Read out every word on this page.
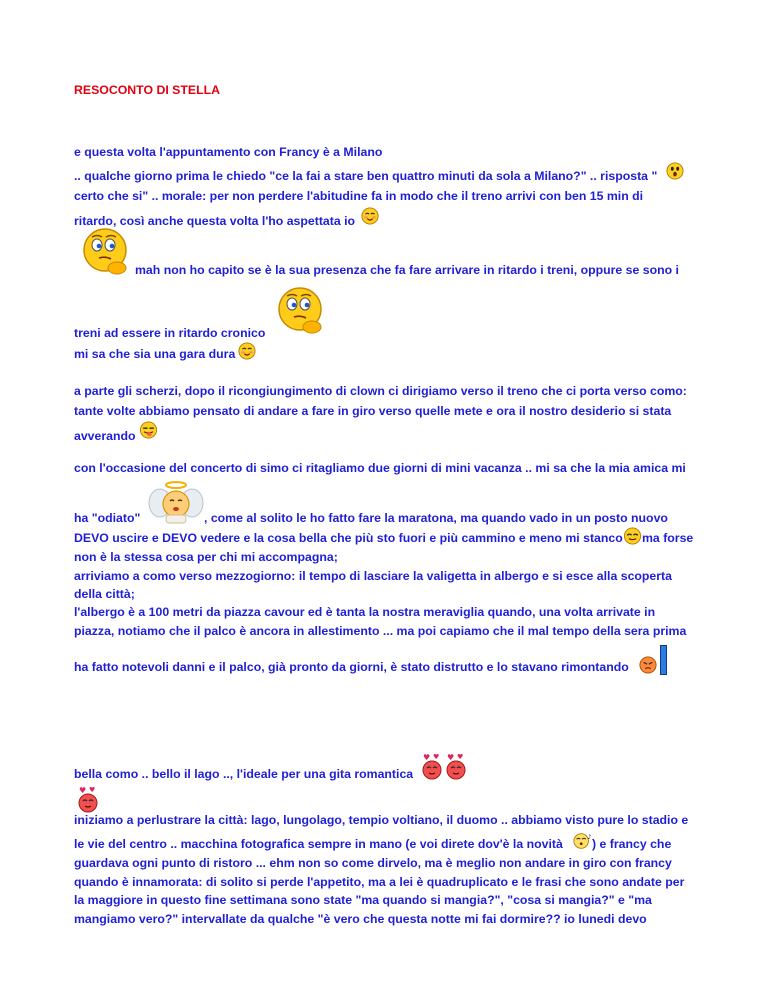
RESOCONTO DI STELLA
e questa volta l'appuntamento con Francy è a Milano
.. qualche giorno prima le chiedo "ce la fai a stare ben quattro minuti da sola a Milano?" .. risposta "
certo che si" .. morale: per non perdere l'abitudine fa in modo che il treno arrivi con ben 15 min di
ritardo, così anche questa volta l'ho aspettata io
mah non ho capito se è la sua presenza che fa fare arrivare in ritardo i treni, oppure se sono i
treni ad essere in ritardo cronico
mi sa che sia una gara dura
a parte gli scherzi, dopo il ricongiungimento di clown ci dirigiamo verso il treno che ci porta verso como:
tante volte abbiamo pensato di andare a fare in giro verso quelle mete e ora il nostro desiderio si stata
avverando
con l'occasione del concerto di simo ci ritagliamo due giorni di mini vacanza .. mi sa che la mia amica mi
ha "odiato"	, come al solito le ho fatto fare la maratona, ma quando vado in un posto nuovo
DEVO uscire e DEVO vedere e la cosa bella che più sto fuori e più cammino e meno mi stanco ma forse
non è la stessa cosa per chi mi accompagna;
arriviamo a como verso mezzogiorno: il tempo di lasciare la valigetta in albergo e si esce alla scoperta
della città;
l'albergo è a 100 metri da piazza cavour ed è tanta la nostra meraviglia quando, una volta arrivate in
piazza, notiamo che il palco è ancora in allestimento ... ma poi capiamo che il mal tempo della sera prima
ha fatto notevoli danni e il palco, già pronto da giorni, è stato distrutto e lo stavano rimontando
bella como .. bello il lago .., l'ideale per una gita romantica
iniziamo a perlustrare la città: lago, lungolago, tempio voltiano, il duomo .. abbiamo visto pure lo stadio e
le vie del centro .. macchina fotografica sempre in mano (e voi direte dov'è la novità ) e francy che
guardava ogni punto di ristoro ... ehm non so come dirvelo, ma è meglio non andare in giro con francy
quando è innamorata: di solito si perde l'appetito, ma a lei è quadruplicato e le frasi che sono andate per
la maggiore in questo fine settimana sono state "ma quando si mangia?", "cosa si mangia?" e "ma
mangiamo vero?" intervallate da qualche "è vero che questa notte mi fai dormire?? io lunedi devo
♥ ♥ ♥ ♥
♥ ♥
♪
